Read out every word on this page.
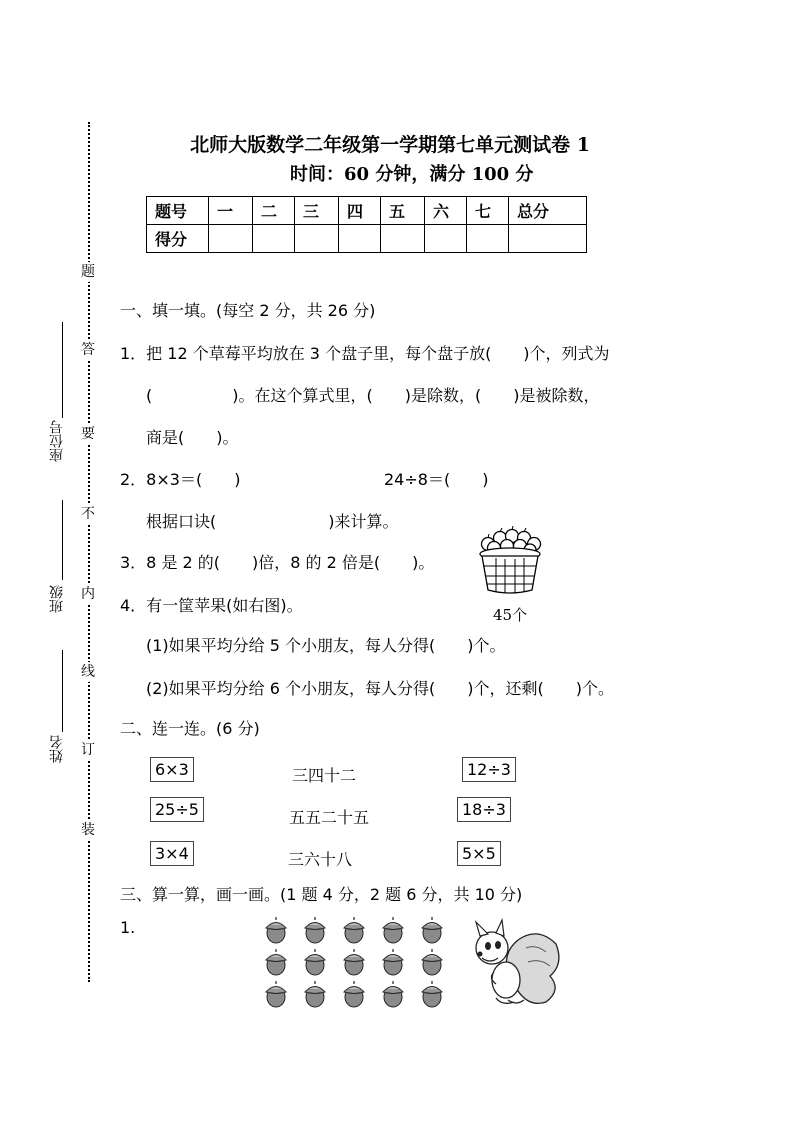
题
答
要
不
内
线
订
装
座位号
班级
姓名
北师大版数学二年级第一学期第七单元测试卷 1
时间：60 分钟，满分 100 分
题号	一	二	三	四	五	六	七	总分
得分								
一、填一填。(每空 2 分，共 26 分)
1．把 12 个草莓平均放在 3 个盘子里，每个盘子放(　　)个，列式为
(　　　　　)。在这个算式里，(　　)是除数，(　　)是被除数，
商是(　　)。
2．8×3＝(　　)	24÷8＝(　　)
根据口诀(　　　　　　　)来计算。
3．8 是 2 的(　　)倍，8 的 2 倍是(　　)。
4．有一筐苹果(如右图)。
(1)如果平均分给 5 个小朋友，每人分得(　　)个。
(2)如果平均分给 6 个小朋友，每人分得(　　)个，还剩(　　)个。
45个
二、连一连。(6 分)
6×3
25÷5
3×4
三四十二
五五二十五
三六十八
12÷3
18÷3
5×5
三、算一算，画一画。(1 题 4 分，2 题 6 分，共 10 分)
1.
